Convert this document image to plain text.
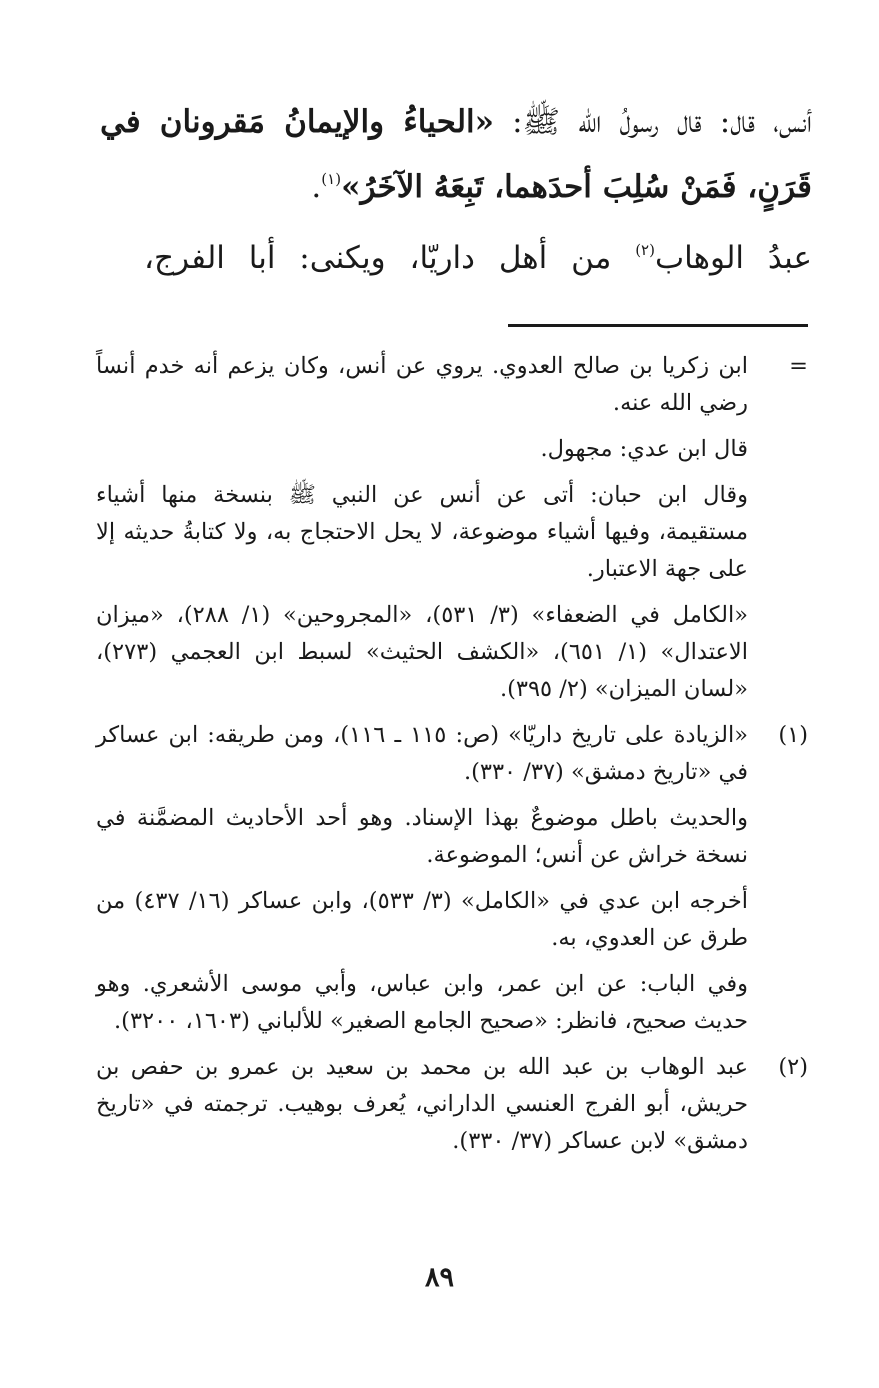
أنس، قال: قال رسولُ الله ﷺ: «الحياءُ والإيمانُ مَقرونان في قَرَنٍ، فَمَنْ سُلِبَ أحدَهما، تَبِعَهُ الآخَرُ»$^{(١)}$.

عبدُ الوهاب$^{(٢)}$ من أهل داريّا، ويكنى: أبا الفرج،

=

ابن زكريا بن صالح العدوي. يروي عن أنس، وكان يزعم أنه خدم أنساً رضي الله عنه.

قال ابن عدي: مجهول.

وقال ابن حبان: أتى عن أنس عن النبي ﷺ بنسخة منها أشياء مستقيمة، وفيها أشياء موضوعة، لا يحل الاحتجاج به، ولا كتابةُ حديثه إلا على جهة الاعتبار.

«الكامل في الضعفاء» (٣/ ٥٣١)، «المجروحين» (١/ ٢٨٨)، «ميزان الاعتدال» (١/ ٦٥١)، «الكشف الحثيث» لسبط ابن العجمي (٢٧٣)، «لسان الميزان» (٢/ ٣٩٥).

(١)

«الزيادة على تاريخ داريّا» (ص: ١١٥ ـ ١١٦)، ومن طريقه: ابن عساكر في «تاريخ دمشق» (٣٧/ ٣٣٠).

والحديث باطل موضوعٌ بهذا الإسناد. وهو أحد الأحاديث المضمَّنة في نسخة خراش عن أنس؛ الموضوعة.

أخرجه ابن عدي في «الكامل» (٣/ ٥٣٣)، وابن عساكر (١٦/ ٤٣٧) من طرق عن العدوي، به.

وفي الباب: عن ابن عمر، وابن عباس، وأبي موسى الأشعري. وهو حديث صحيح، فانظر: «صحيح الجامع الصغير» للألباني (١٦٠٣، ٣٢٠٠).

(٢)

عبد الوهاب بن عبد الله بن محمد بن سعيد بن عمرو بن حفص بن حريش، أبو الفرج العنسي الداراني، يُعرف بوهيب. ترجمته في «تاريخ دمشق» لابن عساكر (٣٧/ ٣٣٠).

٨٩
